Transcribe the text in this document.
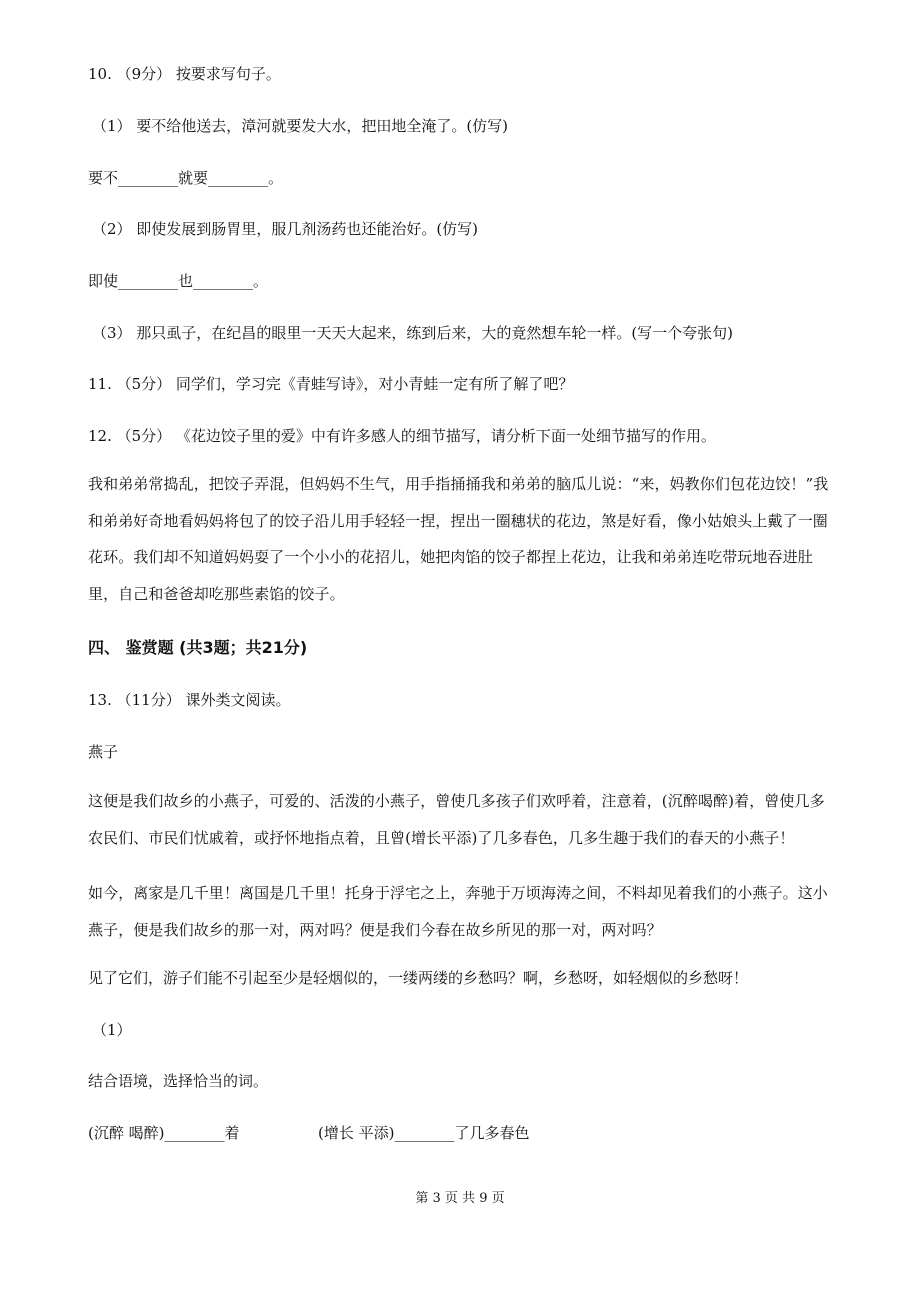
10. （9分） 按要求写句子。
（1） 要不给他送去，漳河就要发大水，把田地全淹了。(仿写)
要不________就要________。
（2） 即使发展到肠胃里，服几剂汤药也还能治好。(仿写)
即使________也________。
（3） 那只虱子，在纪昌的眼里一天天大起来，练到后来，大的竟然想车轮一样。(写一个夸张句)
11. （5分） 同学们，学习完《青蛙写诗》，对小青蛙一定有所了解了吧？
12. （5分） 《花边饺子里的爱》中有许多感人的细节描写，请分析下面一处细节描写的作用。
我和弟弟常捣乱，把饺子弄混，但妈妈不生气，用手指捅捅我和弟弟的脑瓜儿说：“来，妈教你们包花边饺！”我和弟弟好奇地看妈妈将包了的饺子沿儿用手轻轻一捏，捏出一圈穗状的花边，煞是好看，像小姑娘头上戴了一圈花环。我们却不知道妈妈耍了一个小小的花招儿，她把肉馅的饺子都捏上花边，让我和弟弟连吃带玩地吞进肚里，自己和爸爸却吃那些素馅的饺子。
四、 鉴赏题 (共3题；共21分)
13. （11分） 课外类文阅读。
燕子
这便是我们故乡的小燕子，可爱的、活泼的小燕子，曾使几多孩子们欢呼着，注意着，(沉醉喝醉)着，曾使几多农民们、市民们忧戚着，或抒怀地指点着，且曾(增长平添)了几多春色，几多生趣于我们的春天的小燕子！
如今，离家是几千里！离国是几千里！托身于浮宅之上，奔驰于万顷海涛之间，不料却见着我们的小燕子。这小燕子，便是我们故乡的那一对，两对吗？便是我们今春在故乡所见的那一对，两对吗？
见了它们，游子们能不引起至少是轻烟似的，一缕两缕的乡愁吗？啊，乡愁呀，如轻烟似的乡愁呀！
（1）
结合语境，选择恰当的词。
(沉醉 喝醉)________着	(增长 平添)________了几多春色
第 3 页 共 9 页
